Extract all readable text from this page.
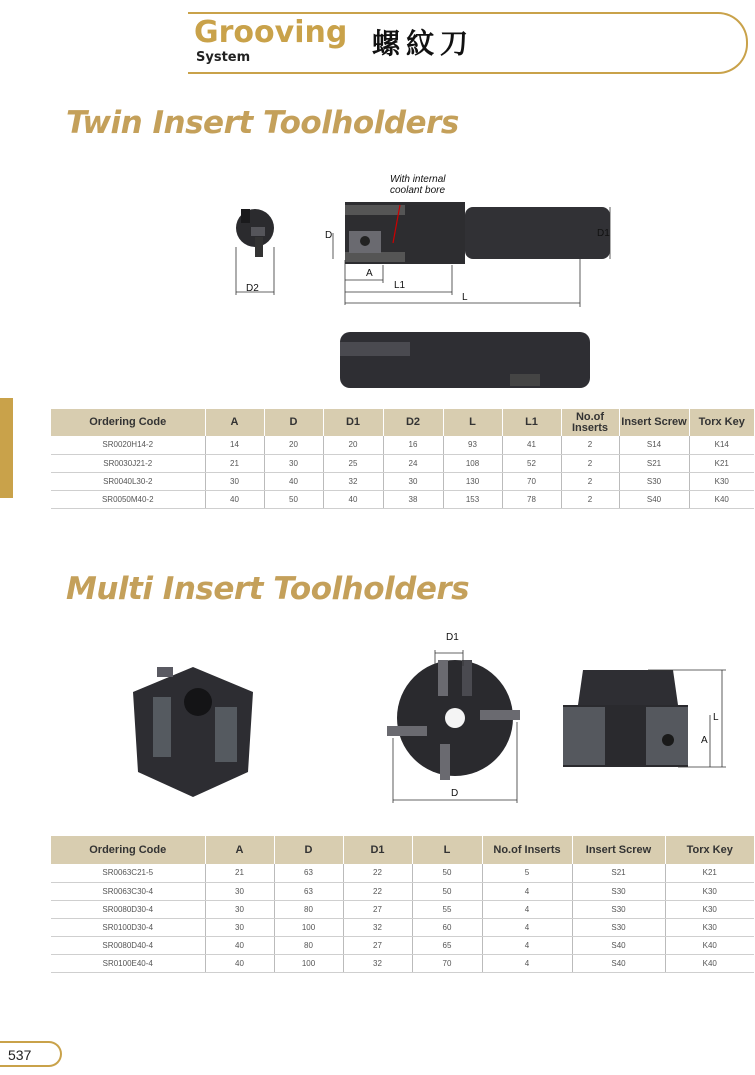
Grooving
System	螺紋刀
Twin Insert Toolholders
D2
With internal
coolant bore
D	D1
A
L1
L
Ordering Code	A	D	D1	D2	L	L1	No.of Inserts	Insert Screw	Torx Key
SR0020H14-2	14	20	20	16	93	41	2	S14	K14
SR0030J21-2	21	30	25	24	108	52	2	S21	K21
SR0040L30-2	30	40	32	30	130	70	2	S30	K30
SR0050M40-2	40	50	40	38	153	78	2	S40	K40
Multi Insert Toolholders
D1
D
L
A
Ordering Code	A	D	D1	L	No.of Inserts	Insert Screw	Torx Key
SR0063C21-5	21	63	22	50	5	S21	K21
SR0063C30-4	30	63	22	50	4	S30	K30
SR0080D30-4	30	80	27	55	4	S30	K30
SR0100D30-4	30	100	32	60	4	S30	K30
SR0080D40-4	40	80	27	65	4	S40	K40
SR0100E40-4	40	100	32	70	4	S40	K40
537
